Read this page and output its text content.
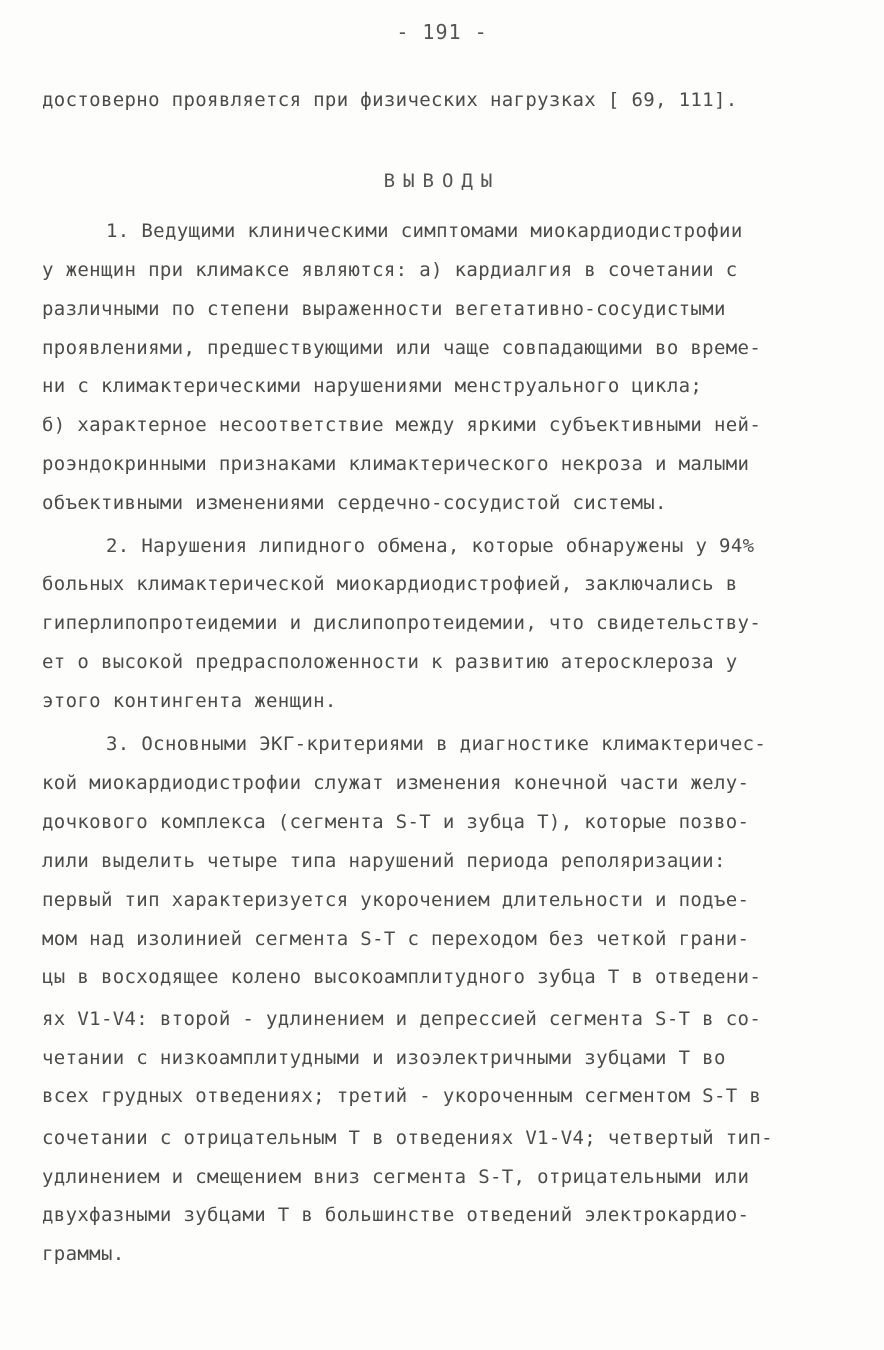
- 191 -
достоверно проявляется при физических нагрузках [ 69, 111].
ВЫВОДЫ
1. Ведущими клиническими симптомами миокардиодистрофии
у женщин при климаксе являются: а) кардиалгия в сочетании с
различными по степени выраженности вегетативно-сосудистыми
проявлениями, предшествующими или чаще совпадающими во време-
ни с климактерическими нарушениями менструального цикла;
б) характерное несоответствие между яркими субъективными ней-
роэндокринными признаками климактерического некроза и малыми
объективными изменениями сердечно-сосудистой системы.
2. Нарушения липидного обмена, которые обнаружены у 94%
больных климактерической миокардиодистрофией, заключались в
гиперлипопротеидемии и дислипопротеидемии, что свидетельству-
ет о высокой предрасположенности к развитию атеросклероза у
этого контингента женщин.
3. Основными ЭКГ-критериями в диагностике климактеричес-
кой миокардиодистрофии служат изменения конечной части желу-
дочкового комплекса (сегмента S-T и зубца Т), которые позво-
лили выделить четыре типа нарушений периода реполяризации:
первый тип характеризуется укорочением длительности и подъе-
мом над изолинией сегмента S-T с переходом без четкой грани-
цы в восходящее колено высокоамплитудного зубца Т в отведени-
ях V1-V4: второй - удлинением и депрессией сегмента S-T в со-
четании с низкоамплитудными и изоэлектричными зубцами Т во
всех грудных отведениях; третий - укороченным сегментом S-T в
сочетании с отрицательным Т в отведениях V1-V4; четвертый тип-
удлинением и смещением вниз сегмента S-T, отрицательными или
двухфазными зубцами Т в большинстве отведений электрокардио-
граммы.
